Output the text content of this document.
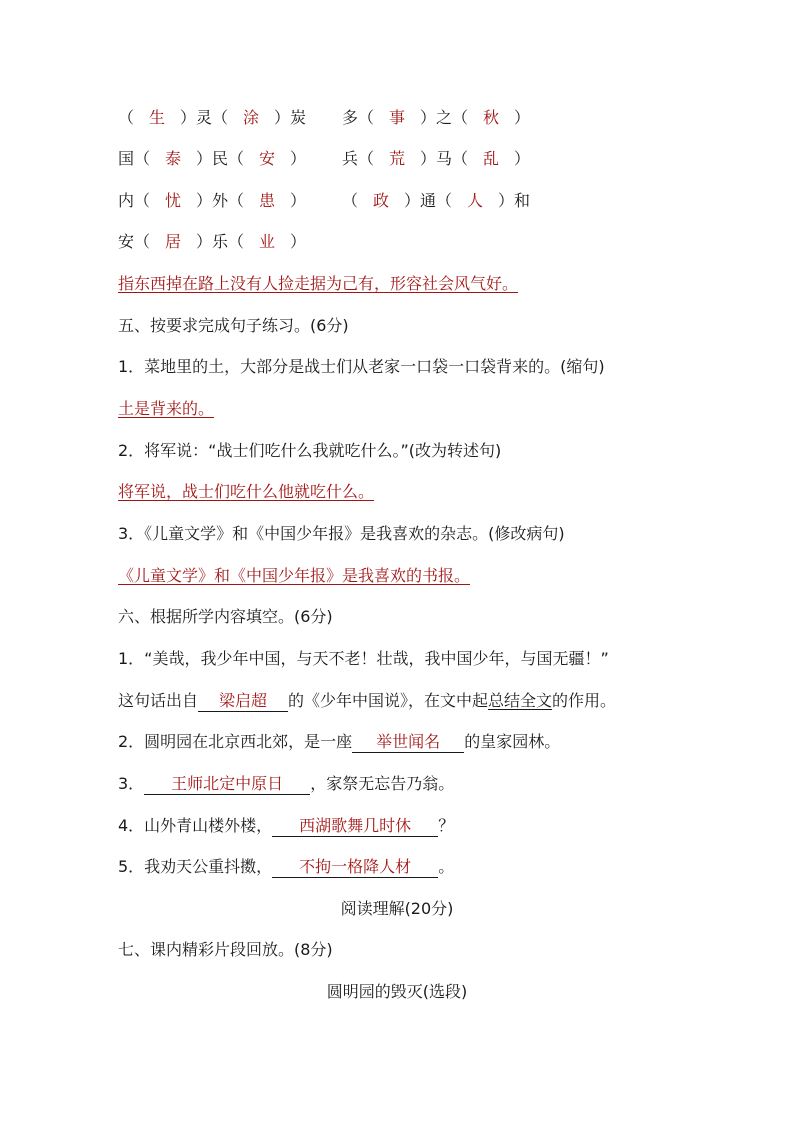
（ 生 ）灵（ 涂 ）炭 多（ 事 ）之（ 秋 ）
国（ 泰 ）民（ 安 ） 兵（ 荒 ）马（ 乱 ）
内（ 忧 ）外（ 患 ） （ 政 ）通（ 人 ）和
安（ 居 ）乐（ 业 ）
指东西掉在路上没有人捡走据为己有，形容社会风气好。
五、按要求完成句子练习。(6分)
1．菜地里的土，大部分是战士们从老家一口袋一口袋背来的。(缩句)
土是背来的。
2．将军说：“战士们吃什么我就吃什么。”(改为转述句)
将军说，战士们吃什么他就吃什么。
3．《儿童文学》和《中国少年报》是我喜欢的杂志。(修改病句)
《儿童文学》和《中国少年报》是我喜欢的书报。
六、根据所学内容填空。(6分)
1．“美哉，我少年中国，与天不老！壮哉，我中国少年，与国无疆！”
这句话出自 梁启超 的《少年中国说》，在文中起总结全文的作用。
2．圆明园在北京西北郊，是一座 举世闻名 的皇家园林。
3． 王师北定中原日 ，家祭无忘告乃翁。
4．山外青山楼外楼， 西湖歌舞几时休 ？
5．我劝天公重抖擞， 不拘一格降人材 。
阅读理解(20分)
七、课内精彩片段回放。(8分)
圆明园的毁灭(选段)
